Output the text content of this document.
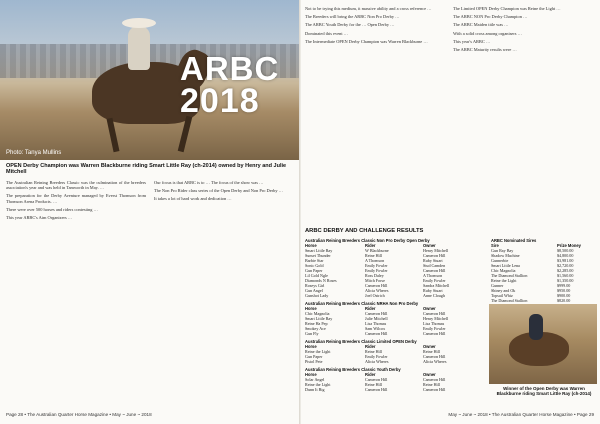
Photo: Tanya Mullins
ARBC
2018
OPEN Derby Champion was Warren Blackburne riding Smart Little Ray (ch-2014) owned by Henry and Julie Mitchell

The Australian Reining Breeders Classic was the culmination of the breeders association's year and was held in Tamworth in May. …

The preparation for the Derby Aventure managed by Everst Thomson from Thomson Arena Products. …

There were over 500 horses and riders contesting …

This year ARBC's Aim Organizers …

Our focus is that ARBC is to … The focus of the show was …

The Non Pro Rider class series of the Open Derby and Non Pro Derby …

It takes a lot of hard work and dedication …

Page 28 • The Australian Quarter Horse Magazine • May ~ June ~ 2018

Not to be trying this medium, it massive ability and a cross reference …

The Breeders will bring the ARBC Non Pro Derby …

The ARBC Youth Derby for the … Open Derby …

Dominated this event …

The Intermediate OPEN Derby Champion was Warren Blackburne …

The Limited OPEN Derby Champion was Reine the Light …

The ARBC NON Pro Derby Champion …

The ARBC Maiden title was …

With a solid cross among organisers …

This year's ARBC …

The ARBC Maturity results were …

ARBC DERBY AND CHALLENGE RESULTS
Australian Reining Breeders Classic Non Pro Derby Open Derby
Horse	Rider	Owner
Smart Little Ray	W Blackburne	Henry Mitchell
Sunset Thunder	Reine Hill	Cameron Hill
Barbie Star	A Thomson	Ruby Stuart
Sonic Gold	Emily Fowler	Stud Camden
Gun Paper	Emily Fowler	Cameron Hill
Lil Gold Ngle	Ross Daley	A Thomson
Diamonds N Roses	Mitch Forse	Emily Fowler
Roseys Girl	Cameron Hill	Sandra Mitchell
Gun Angel	Alicia Wheres	Ruby Stuart
Gunshot Lady	Joel Ostrich	Anne Clough
Australian Reining Breeders Classic NRHA Non Pro Derby
Horse	Rider	Owner
Chic Magnolia	Cameron Hill	Cameron Hill
Smart Little Ray	Julie Mitchell	Henry Mitchell
Reine Ha Pep	Lisa Thomas	Lisa Thomas
Smokey Ace	Sam Wilcox	Emily Fowler
Gun Fly	Cameron Hill	Cameron Hill
Australian Reining Breeders Classic Limited OPEN Derby
Horse	Rider	Owner
Reine the Light	Reine Hill	Reine Hill
Gun Paper	Emily Fowler	Cameron Hill
Pistol Pete	Alicia Wheres	Alicia Wheres
Australian Reining Breeders Classic Youth Derby
Horse	Rider	Owner
Solar Angel	Cameron Hill	Cameron Hill
Reine the Light	Reine Hill	Reine Hill
Dunn It Big	Cameron Hill	Cameron Hill
ARBC Nominated Sires
Sire	Prize Money
Gun Ray Bay	$8,500.00
Shadow Machine	$4,800.00
Gunnerbie	$3,981.00
Smart Little Lena	$2,720.00
Chic Magnolia	$2,285.00
The Diamond Stallion	$1,560.00
Reine the Light	$1,350.00
Gunner	$999.00
Shiney and Ok	$950.00
Topsail Whiz	$900.00
The Diamond Stallion	$820.00
Winner of the Open Derby was Warren Blackburne riding Smart Little Ray (ch-2014)
May ~ June ~ 2018 • The Australian Quarter Horse Magazine • Page 29
